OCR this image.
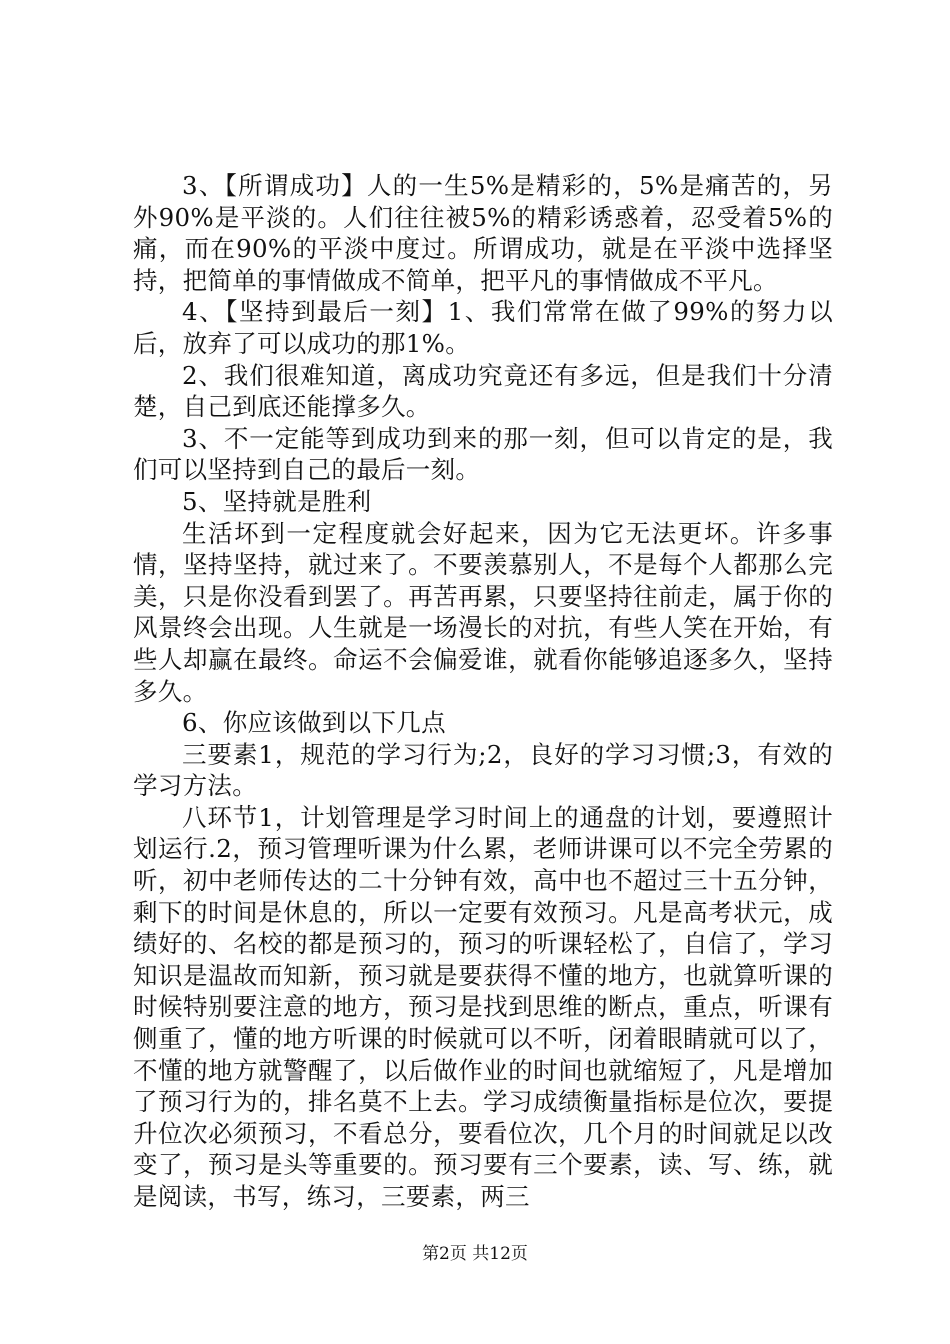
3、【所谓成功】人的一生5%是精彩的，5%是痛苦的，另外90%是平淡的。人们往往被5%的精彩诱惑着，忍受着5%的痛，而在90%的平淡中度过。所谓成功，就是在平淡中选择坚持，把简单的事情做成不简单，把平凡的事情做成不平凡。

4、【坚持到最后一刻】1、我们常常在做了99%的努力以后，放弃了可以成功的那1%。

2、我们很难知道，离成功究竟还有多远，但是我们十分清楚，自己到底还能撑多久。

3、不一定能等到成功到来的那一刻，但可以肯定的是，我们可以坚持到自己的最后一刻。

5、坚持就是胜利

生活坏到一定程度就会好起来，因为它无法更坏。许多事情，坚持坚持，就过来了。不要羡慕别人，不是每个人都那么完美，只是你没看到罢了。再苦再累，只要坚持往前走，属于你的风景终会出现。人生就是一场漫长的对抗，有些人笑在开始，有些人却赢在最终。命运不会偏爱谁，就看你能够追逐多久，坚持多久。

6、你应该做到以下几点

三要素1，规范的学习行为;2，良好的学习习惯;3，有效的学习方法。

八环节1，计划管理是学习时间上的通盘的计划，要遵照计划运行.2，预习管理听课为什么累，老师讲课可以不完全劳累的听，初中老师传达的二十分钟有效，高中也不超过三十五分钟，剩下的时间是休息的，所以一定要有效预习。凡是高考状元，成绩好的、名校的都是预习的，预习的听课轻松了，自信了，学习知识是温故而知新，预习就是要获得不懂的地方，也就算听课的时候特别要注意的地方，预习是找到思维的断点，重点，听课有侧重了，懂的地方听课的时候就可以不听，闭着眼睛就可以了，不懂的地方就警醒了，以后做作业的时间也就缩短了，凡是增加了预习行为的，排名莫不上去。学习成绩衡量指标是位次，要提升位次必须预习，不看总分，要看位次，几个月的时间就足以改变了，预习是头等重要的。预习要有三个要素，读、写、练，就是阅读，书写，练习，三要素，两三

第2页 共12页
